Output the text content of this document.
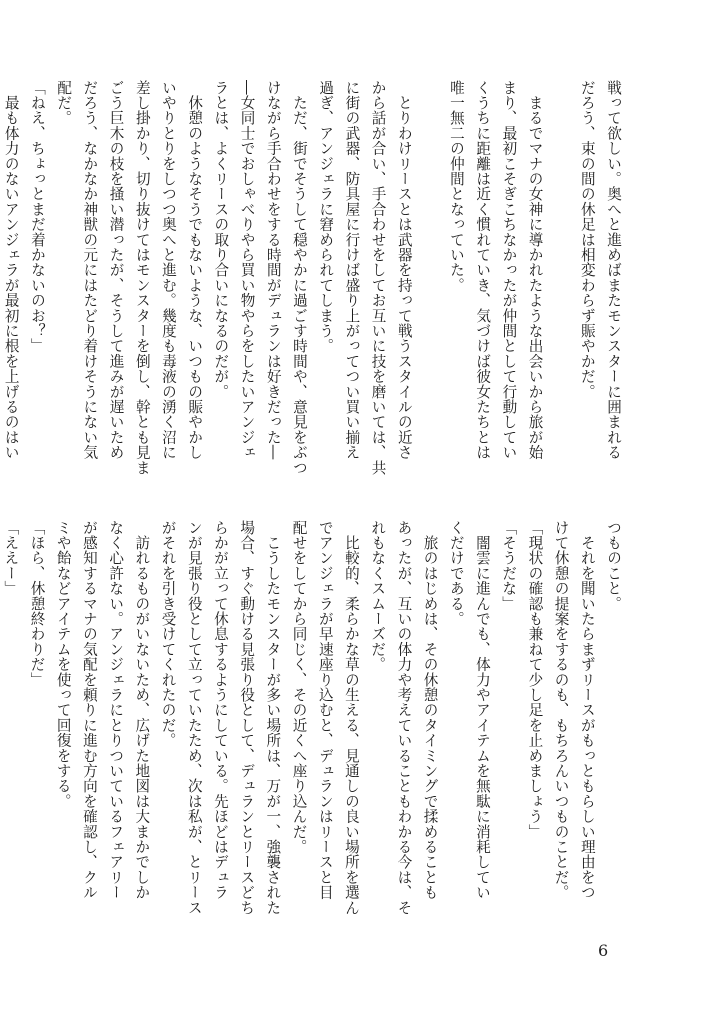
戦って欲しい。奥へと進めばまたモンスターに囲まれる
だろう、束の間の休足は相変わらず賑やかだ。
　まるでマナの女神に導かれたような出会いから旅が始
まり、最初こそぎこちなかったが仲間として行動してい
くうちに距離は近く慣れていき、気づけば彼女たちとは
唯一無二の仲間となっていた。
　とりわけリースとは武器を持って戦うスタイルの近さ
から話が合い、手合わせをしてお互いに技を磨いては、共
に街の武器、防具屋に行けば盛り上がってつい買い揃え
過ぎ、アンジェラに窘められてしまう。
　ただ、街でそうして穏やかに過ごす時間や、意見をぶつ
けながら手合わせをする時間がデュランは好きだった―
―女同士でおしゃべりやら買い物やらをしたいアンジェ
ラとは、よくリースの取り合いになるのだが。
　休憩のようなそうでもないような、いつもの賑やかし
いやりとりをしつつ奥へと進む。幾度も毒液の湧く沼に
差し掛かり、切り抜けてはモンスターを倒し、幹とも見ま
ごう巨木の枝を掻い潜ったが、そうして進みが遅いため
だろう、なかなか神獣の元にはたどり着けそうにない気
配だ。
「ねえ、ちょっとまだ着かないのお？」
　最も体力のないアンジェラが最初に根を上げるのはい
つものこと。
　それを聞いたらまずリースがもっともらしい理由をつ
けて休憩の提案をするのも、もちろんいつものことだ。
「現状の確認も兼ねて少し足を止めましょう」
「そうだな」
　闇雲に進んでも、体力やアイテムを無駄に消耗してい
くだけである。
　旅のはじめは、その休憩のタイミングで揉めることも
あったが、互いの体力や考えていることもわかる今は、そ
れもなくスムーズだ。
　比較的、柔らかな草の生える、見通しの良い場所を選ん
でアンジェラが早速座り込むと、デュランはリースと目
配せをしてから同じく、その近くへ座り込んだ。
　こうしたモンスターが多い場所は、万が一、強襲された
場合、すぐ動ける見張り役として、デュランとリースどち
らかが立って休息するようにしている。先ほどはデュラ
ンが見張り役として立っていたため、次は私が、とリース
がそれを引き受けてくれたのだ。
　訪れるものがいないため、広げた地図は大まかでしか
なく心許ない。アンジェラにとりついているフェアリー
が感知するマナの気配を頼りに進む方向を確認し、クル
ミや飴などアイテムを使って回復をする。
「ほら、休憩終わりだ」
「ええー」
6
